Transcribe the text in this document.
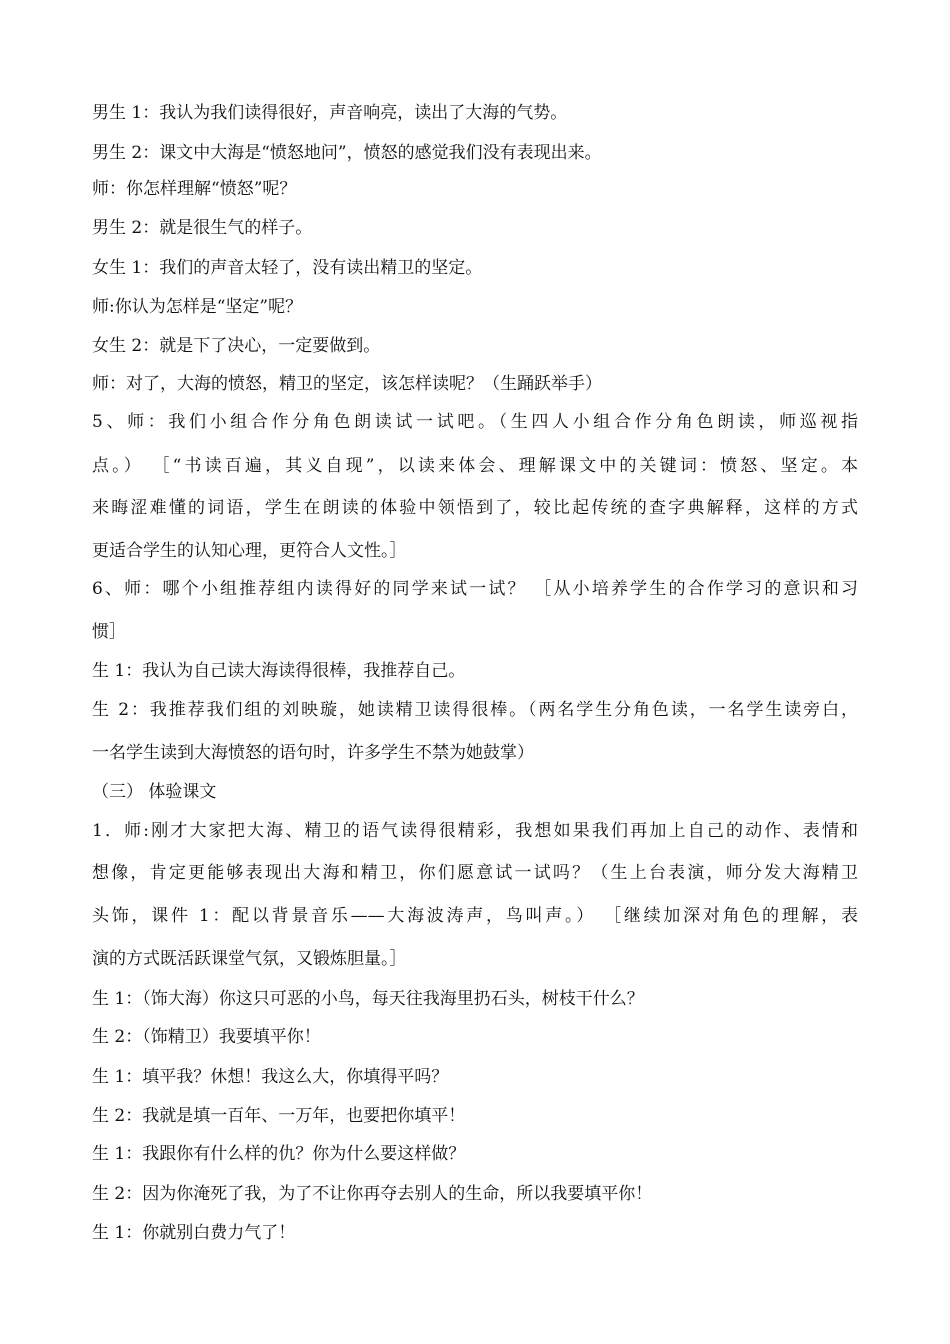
男生 1：我认为我们读得很好，声音响亮，读出了大海的气势。
男生 2：课文中大海是“愤怒地问”，愤怒的感觉我们没有表现出来。
师：你怎样理解“愤怒”呢？
男生 2：就是很生气的样子。
女生 1：我们的声音太轻了，没有读出精卫的坚定。
师:你认为怎样是“坚定”呢？
女生 2：就是下了决心，一定要做到。
师：对了，大海的愤怒，精卫的坚定，该怎样读呢？（生踊跃举手）
5、师：我们小组合作分角色朗读试一试吧。（生四人小组合作分角色朗读，师巡视指
点。） ［“书读百遍，其义自现”，以读来体会、理解课文中的关键词：愤怒、坚定。本
来晦涩难懂的词语，学生在朗读的体验中领悟到了，较比起传统的查字典解释，这样的方式
更适合学生的认知心理，更符合人文性。］
6、师：哪个小组推荐组内读得好的同学来试一试？ ［从小培养学生的合作学习的意识和习
惯］
生 1：我认为自己读大海读得很棒，我推荐自己。
生 2：我推荐我们组的刘映璇，她读精卫读得很棒。（两名学生分角色读，一名学生读旁白，
一名学生读到大海愤怒的语句时，许多学生不禁为她鼓掌）
（三） 体验课文
1．师:刚才大家把大海、精卫的语气读得很精彩，我想如果我们再加上自己的动作、表情和
想像，肯定更能够表现出大海和精卫，你们愿意试一试吗？（生上台表演，师分发大海精卫
头饰，课件 1：配以背景音乐——大海波涛声，鸟叫声。） ［继续加深对角色的理解，表
演的方式既活跃课堂气氛，又锻炼胆量。］
生 1：（饰大海）你这只可恶的小鸟，每天往我海里扔石头，树枝干什么？
生 2：（饰精卫）我要填平你！
生 1：填平我？休想！我这么大，你填得平吗？
生 2：我就是填一百年、一万年，也要把你填平！
生 1：我跟你有什么样的仇？你为什么要这样做？
生 2：因为你淹死了我，为了不让你再夺去别人的生命，所以我要填平你！
生 1：你就别白费力气了！
